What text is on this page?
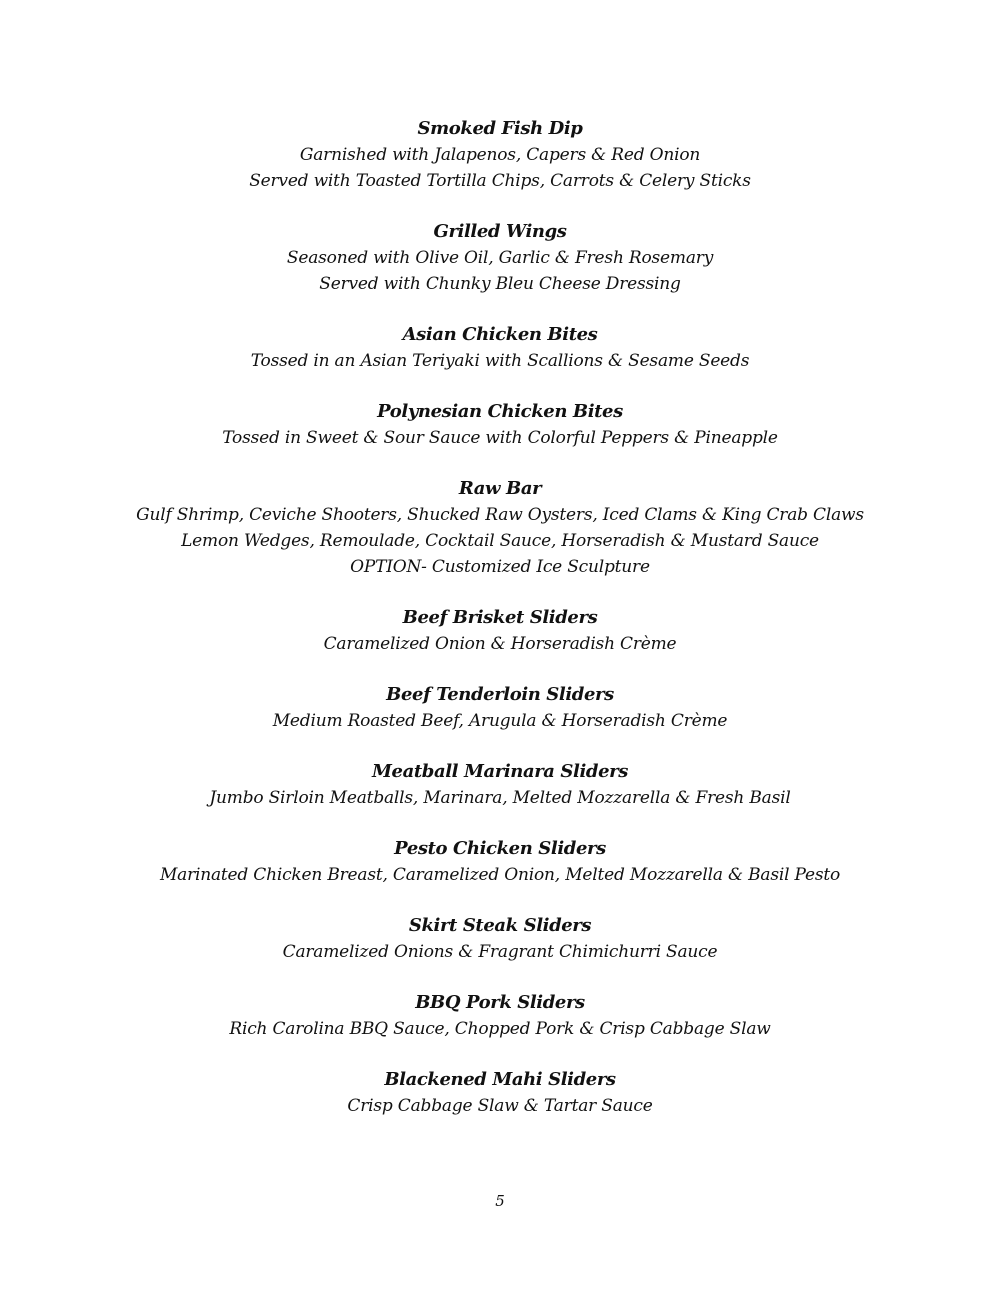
Smoked Fish Dip
Garnished with Jalapenos, Capers & Red Onion
Served with Toasted Tortilla Chips, Carrots & Celery Sticks
Grilled Wings
Seasoned with Olive Oil, Garlic & Fresh Rosemary
Served with Chunky Bleu Cheese Dressing
Asian Chicken Bites
Tossed in an Asian Teriyaki with Scallions & Sesame Seeds
Polynesian Chicken Bites
Tossed in Sweet & Sour Sauce with Colorful Peppers & Pineapple
Raw Bar
Gulf Shrimp, Ceviche Shooters, Shucked Raw Oysters, Iced Clams & King Crab Claws
Lemon Wedges, Remoulade, Cocktail Sauce, Horseradish & Mustard Sauce
OPTION- Customized Ice Sculpture
Beef Brisket Sliders
Caramelized Onion & Horseradish Crème
Beef Tenderloin Sliders
Medium Roasted Beef, Arugula & Horseradish Crème
Meatball Marinara Sliders
Jumbo Sirloin Meatballs, Marinara, Melted Mozzarella & Fresh Basil
Pesto Chicken Sliders
Marinated Chicken Breast, Caramelized Onion, Melted Mozzarella & Basil Pesto
Skirt Steak Sliders
Caramelized Onions & Fragrant Chimichurri Sauce
BBQ Pork Sliders
Rich Carolina BBQ Sauce, Chopped Pork & Crisp Cabbage Slaw
Blackened Mahi Sliders
Crisp Cabbage Slaw & Tartar Sauce
5
